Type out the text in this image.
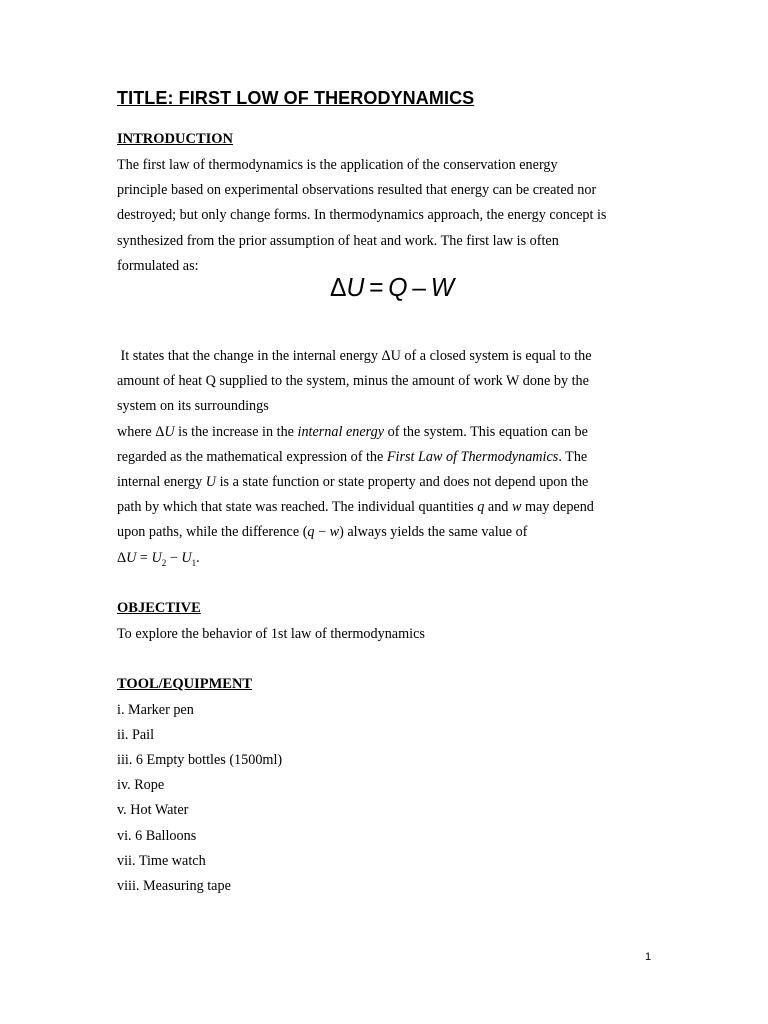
TITLE: FIRST LOW OF THERODYNAMICS
INTRODUCTION
The first law of thermodynamics is the application of the conservation energy
principle based on experimental observations resulted that energy can be created nor
destroyed; but only change forms. In thermodynamics approach, the energy concept is
synthesized from the prior assumption of heat and work. The first law is often
formulated as:
ΔU = Q – W
It states that the change in the internal energy ΔU of a closed system is equal to the
amount of heat Q supplied to the system, minus the amount of work W done by the
system on its surroundings
where ΔU is the increase in the internal energy of the system. This equation can be
regarded as the mathematical expression of the First Law of Thermodynamics. The
internal energy U is a state function or state property and does not depend upon the
path by which that state was reached. The individual quantities q and w may depend
upon paths, while the difference (q − w) always yields the same value of
$\Delta U = U_2 - U_1$.
OBJECTIVE
To explore the behavior of 1st law of thermodynamics
TOOL/EQUIPMENT
i. Marker pen
ii. Pail
iii. 6 Empty bottles (1500ml)
iv. Rope
v. Hot Water
vi. 6 Balloons
vii. Time watch
viii. Measuring tape
1
